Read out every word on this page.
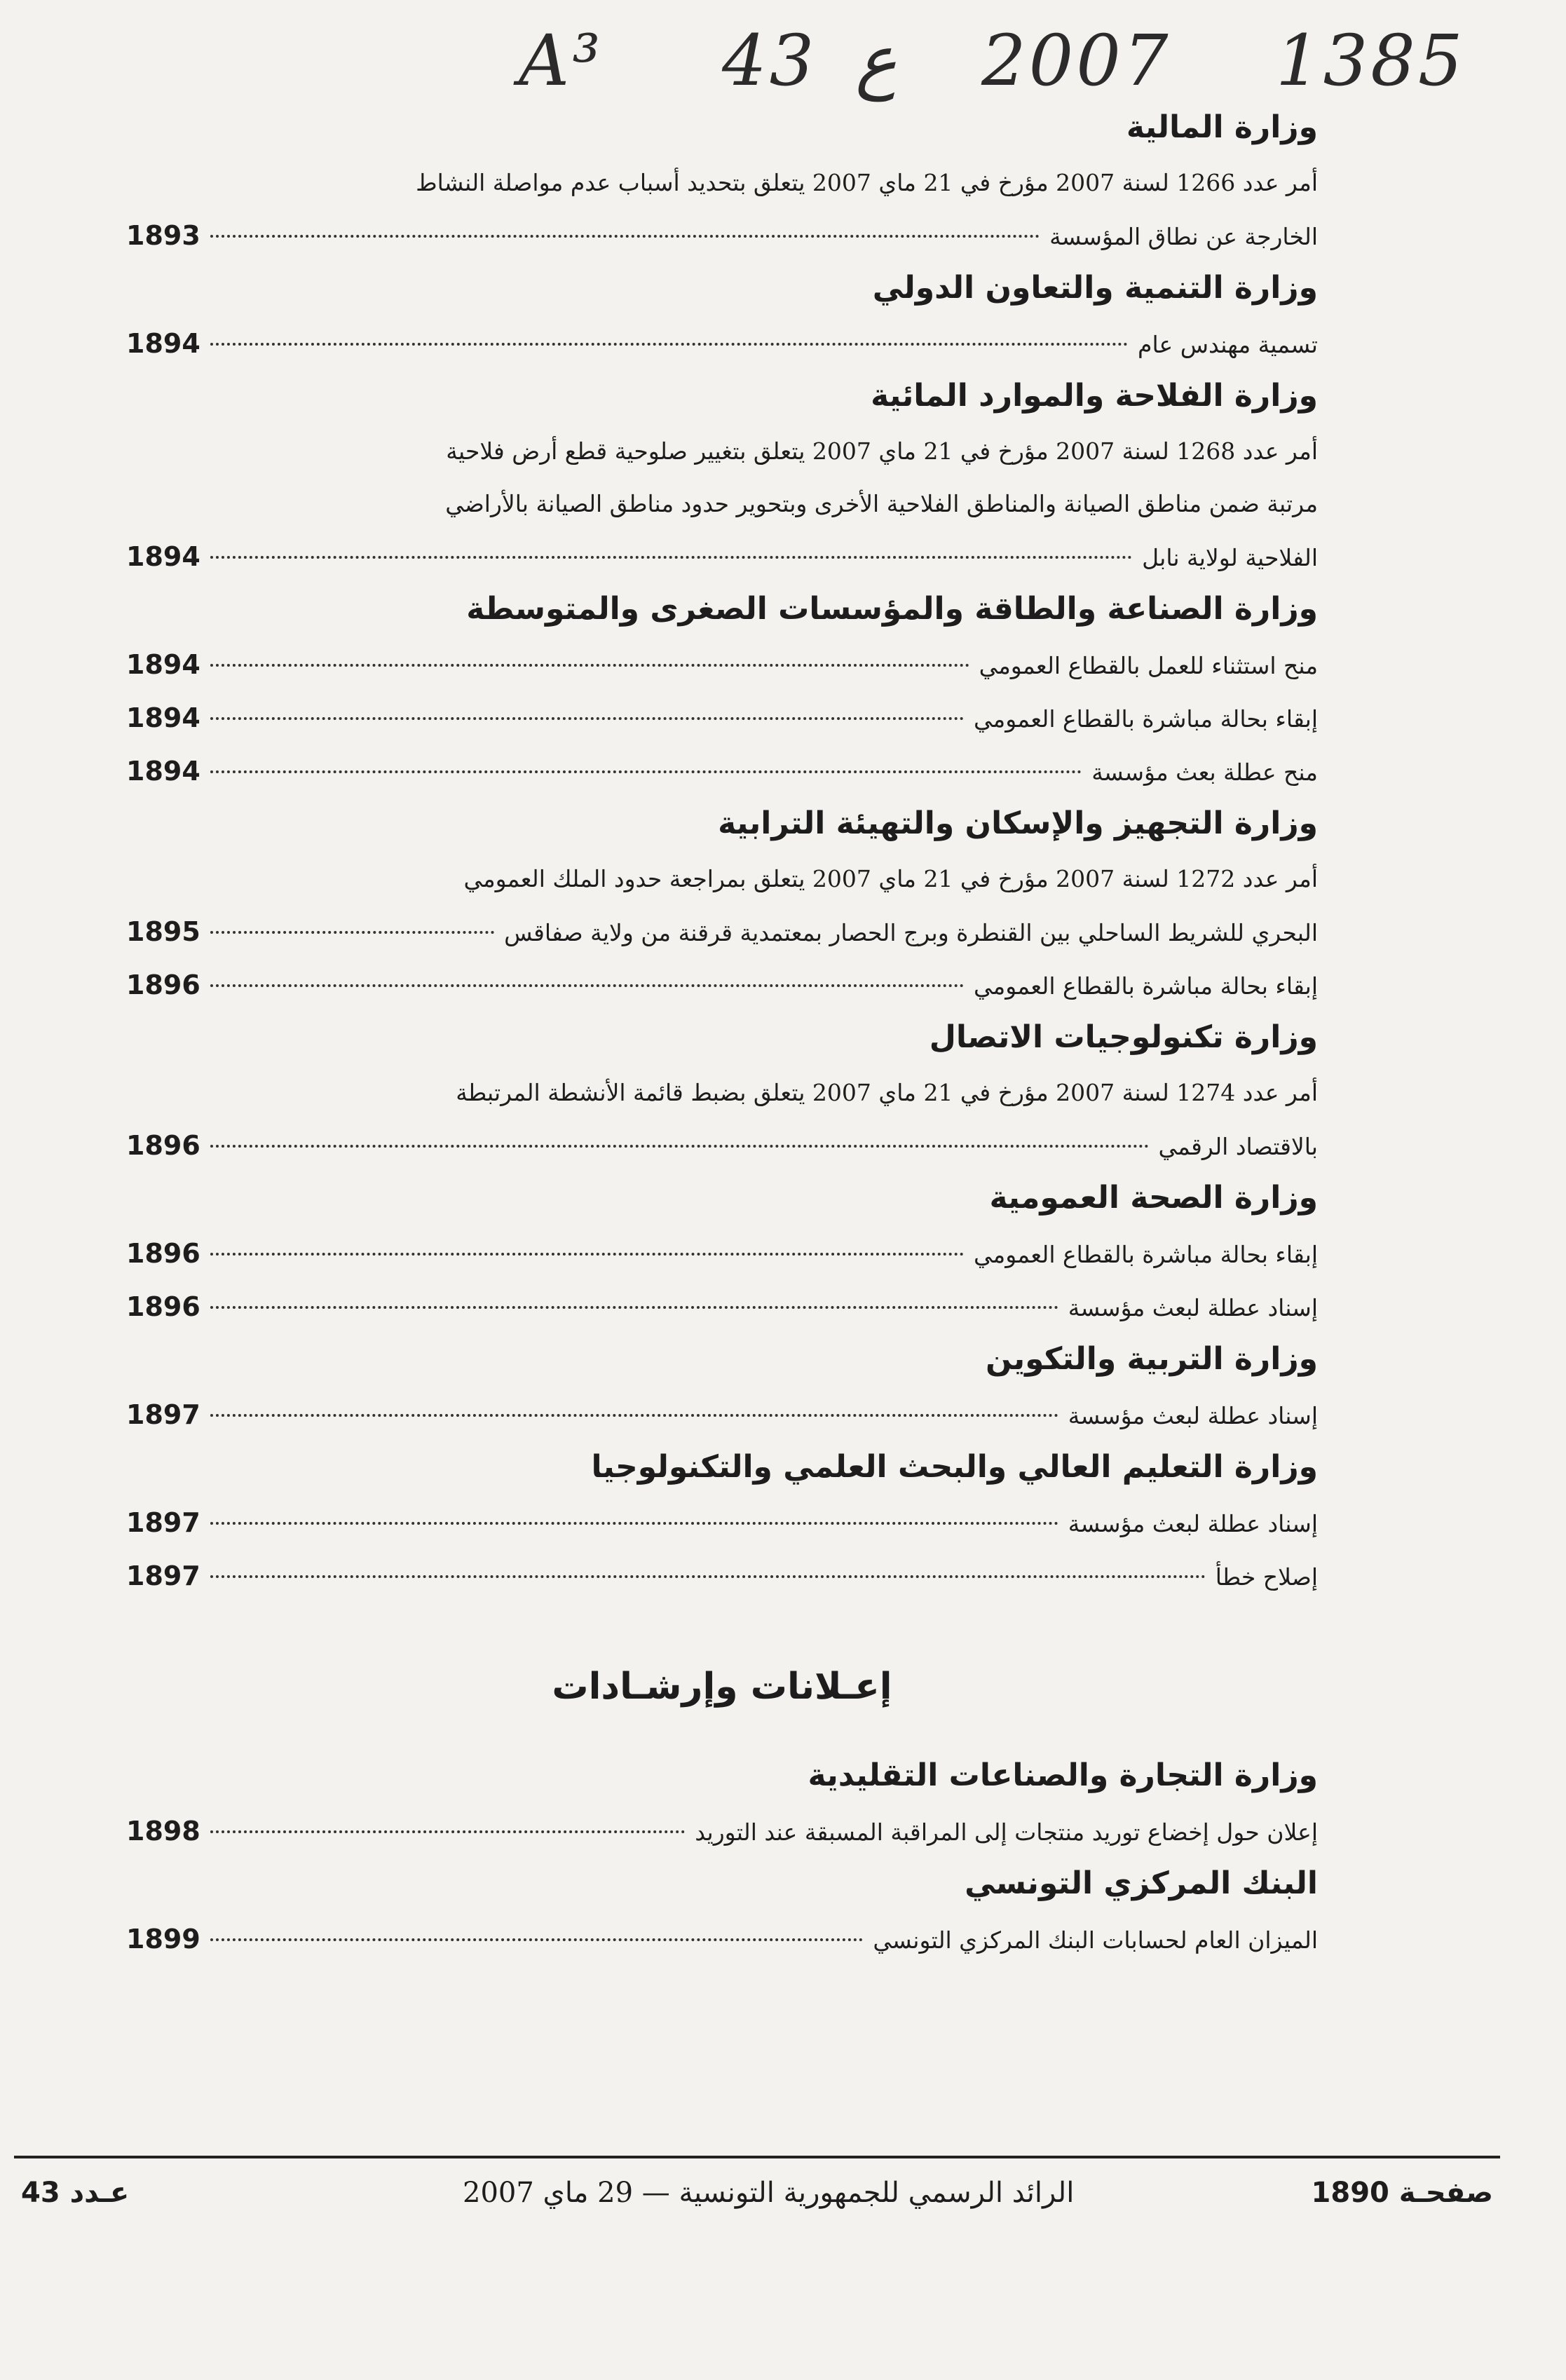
A³ 43 ع 2007 1385
وزارة المالية
أمر عدد 1266 لسنة 2007 مؤرخ في 21 ماي 2007 يتعلق بتحديد أسباب عدم مواصلة النشاط
الخارجة عن نطاق المؤسسة
1893
وزارة التنمية والتعاون الدولي
تسمية مهندس عام
1894
وزارة الفلاحة والموارد المائية
أمر عدد 1268 لسنة 2007 مؤرخ في 21 ماي 2007 يتعلق بتغيير صلوحية قطع أرض فلاحية
مرتبة ضمن مناطق الصيانة والمناطق الفلاحية الأخرى وبتحوير حدود مناطق الصيانة بالأراضي
الفلاحية لولاية نابل
1894
وزارة الصناعة والطاقة والمؤسسات الصغرى والمتوسطة
منح استثناء للعمل بالقطاع العمومي
1894
إبقاء بحالة مباشرة بالقطاع العمومي
1894
منح عطلة بعث مؤسسة
1894
وزارة التجهيز والإسكان والتهيئة الترابية
أمر عدد 1272 لسنة 2007 مؤرخ في 21 ماي 2007 يتعلق بمراجعة حدود الملك العمومي
البحري للشريط الساحلي بين القنطرة وبرج الحصار بمعتمدية قرقنة من ولاية صفاقس
1895
إبقاء بحالة مباشرة بالقطاع العمومي
1896
وزارة تكنولوجيات الاتصال
أمر عدد 1274 لسنة 2007 مؤرخ في 21 ماي 2007 يتعلق بضبط قائمة الأنشطة المرتبطة
بالاقتصاد الرقمي
1896
وزارة الصحة العمومية
إبقاء بحالة مباشرة بالقطاع العمومي
1896
إسناد عطلة لبعث مؤسسة
1896
وزارة التربية والتكوين
إسناد عطلة لبعث مؤسسة
1897
وزارة التعليم العالي والبحث العلمي والتكنولوجيا
إسناد عطلة لبعث مؤسسة
1897
إصلاح خطأ
1897
إعـلانات وإرشـادات
وزارة التجارة والصناعات التقليدية
إعلان حول إخضاع توريد منتجات إلى المراقبة المسبقة عند التوريد
1898
البنك المركزي التونسي
الميزان العام لحسابات البنك المركزي التونسي
1899
عـدد 43	الرائد الرسمي للجمهورية التونسية — 29 ماي 2007	صفحـة 1890
